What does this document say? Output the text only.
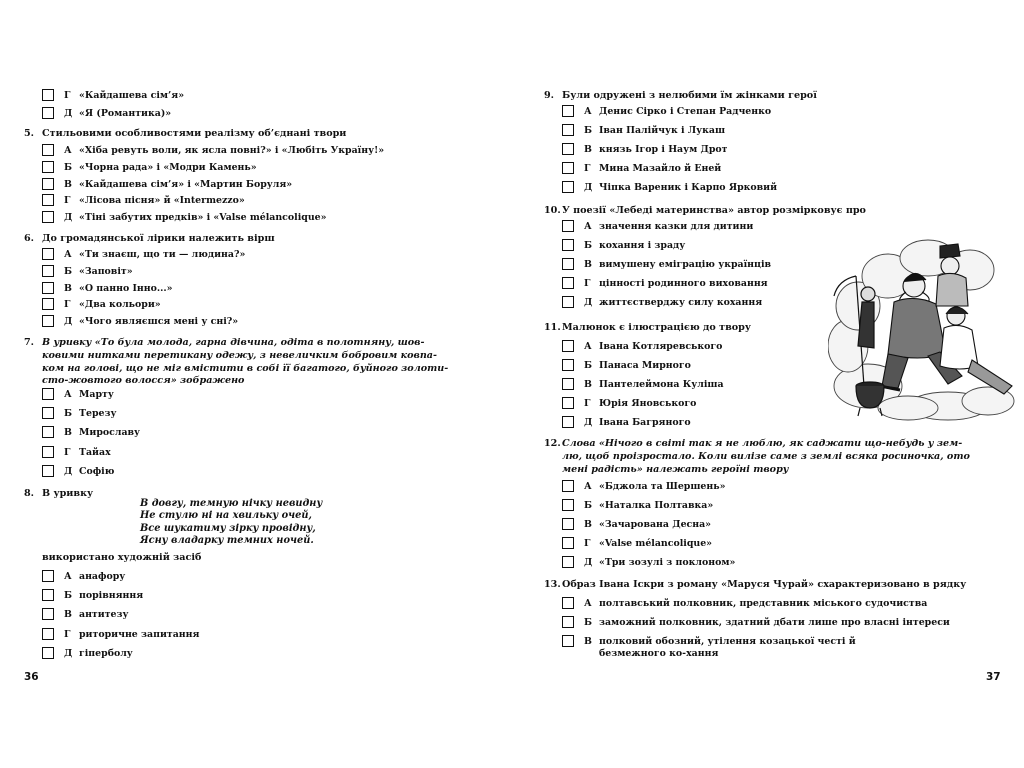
Г «Кайдашева сім’я»
Д «Я (Романтика)»
5. Стильовими особливостями реалізму об’єднані твори
А «Хіба ревуть воли, як ясла повні?» і «Любіть Україну!»
Б «Чорна рада» і «Модри Камень»
В «Кайдашева сім’я» і «Мартин Боруля»
Г «Лісова пісня» й «Intermezzo»
Д «Тіні забутих предків» і «Valse mélancolique»
6. До громадянської лірики належить вірш
А «Ти знаєш, що ти — людина?»
Б «Заповіт»
В «О панно Інно...»
Г «Два кольори»
Д «Чого являєшся мені у сні?»
7. В уривку «То була молода, гарна дівчина, одіта в полотняну, шов-
ковими нитками перетикану одежу, з невеличким бобровим ковпа-
ком на голові, що не міг вмістити в собі її багатого, буйного золоти-
сто-жовтого волосся» зображено
А Марту
Б Терезу
В Мирославу
Г Тайах
Д Софію
8. В уривку
В довгу, темную нічку невидну
Не стулю ні на хвильку очей,
Все шукатиму зірку провідну,
Ясну владарку темних ночей.
використано художній засіб
А анафору
Б порівняння
В антитезу
Г риторичне запитання
Д гіперболу
36
9. Були одружені з нелюбими їм жінками герої
А Денис Сірко і Степан Радченко
Б Іван Палійчук і Лукаш
В князь Ігор і Наум Дрот
Г Мина Мазайло й Еней
Д Чіпка Вареник і Карпо Ярковий
10. У поезії «Лебеді материнства» автор розмірковує про
А значення казки для дитини
Б кохання і зраду
В вимушену еміграцію українців
Г цінності родинного виховання
Д життєстверджу силу кохання
11. Малюнок є ілюстрацією до твору
А Івана Котляревського
Б Панаса Мирного
В Пантелеймона Куліша
Г Юрія Яновського
Д Івана Багряного
12. Слова «Нічого в світі так я не люблю, як саджати що-небудь у зем-
лю, щоб проізростало. Коли вилізе саме з землі всяка росиночка, ото
мені радість» належать героїні твору
А «Бджола та Шершень»
Б «Наталка Полтавка»
В «Зачарована Десна»
Г «Valse mélancolique»
Д «Три зозулі з поклоном»
13. Образ Івана Іскри з роману «Маруся Чурай» схарактеризовано в рядку
А полтавський полковник, представник міського судочиства
Б заможний полковник, здатний дбати лише про власні інтереси
В полковий обозний, утілення козацької честі й безмежного ко-хання
37
